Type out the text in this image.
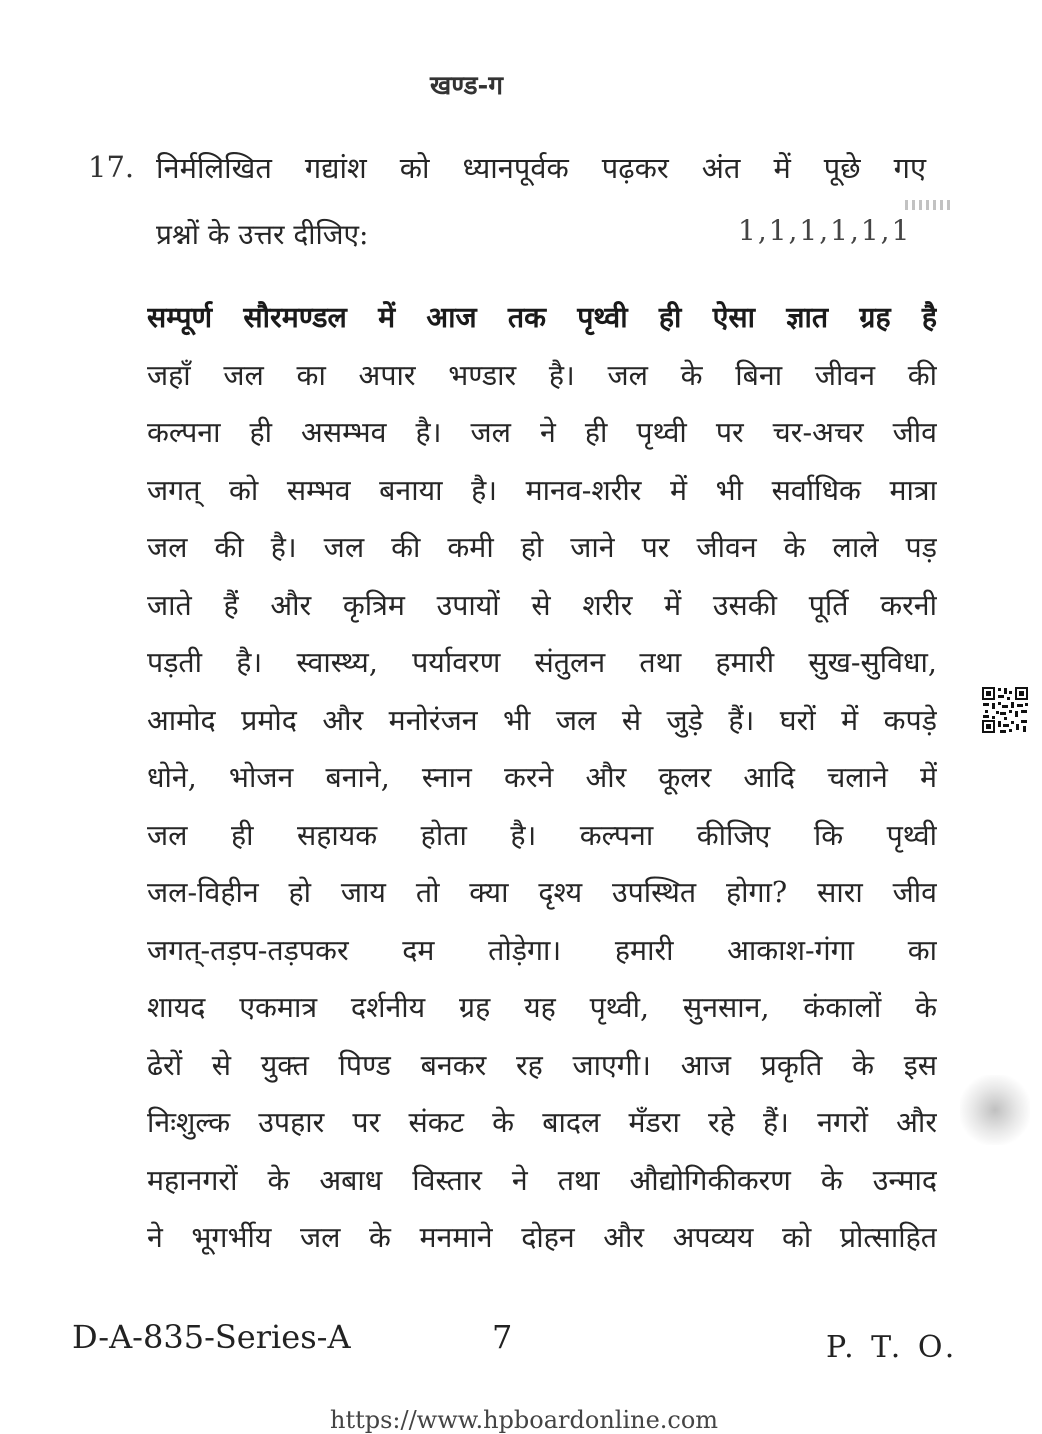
खण्ड-ग
17. निर्मलिखित गद्यांश को ध्यानपूर्वक पढ़कर अंत में पूछे गए
प्रश्नों के उत्तर दीजिए:	1,1,1,1,1,1
सम्पूर्ण सौरमण्डल में आज तक पृथ्वी ही ऐसा ज्ञात ग्रह है
जहाँ जल का अपार भण्डार है। जल के बिना जीवन की
कल्पना ही असम्भव है। जल ने ही पृथ्वी पर चर-अचर जीव
जगत् को सम्भव बनाया है। मानव-शरीर में भी सर्वाधिक मात्रा
जल की है। जल की कमी हो जाने पर जीवन के लाले पड़
जाते हैं और कृत्रिम उपायों से शरीर में उसकी पूर्ति करनी
पड़ती है। स्वास्थ्य, पर्यावरण संतुलन तथा हमारी सुख-सुविधा,
आमोद प्रमोद और मनोरंजन भी जल से जुड़े हैं। घरों में कपड़े
धोने, भोजन बनाने, स्नान करने और कूलर आदि चलाने में
जल ही सहायक होता है। कल्पना कीजिए कि पृथ्वी
जल-विहीन हो जाय तो क्या दृश्य उपस्थित होगा? सारा जीव
जगत्-तड़प-तड़पकर दम तोड़ेगा। हमारी आकाश-गंगा का
शायद एकमात्र दर्शनीय ग्रह यह पृथ्वी, सुनसान, कंकालों के
ढेरों से युक्त पिण्ड बनकर रह जाएगी। आज प्रकृति के इस
निःशुल्क उपहार पर संकट के बादल मँडरा रहे हैं। नगरों और
महानगरों के अबाध विस्तार ने तथा औद्योगिकीकरण के उन्माद
ने भूगर्भीय जल के मनमाने दोहन और अपव्यय को प्रोत्साहित
D-A-835-Series-A	7	P. T. O.
https://www.hpboardonline.com
